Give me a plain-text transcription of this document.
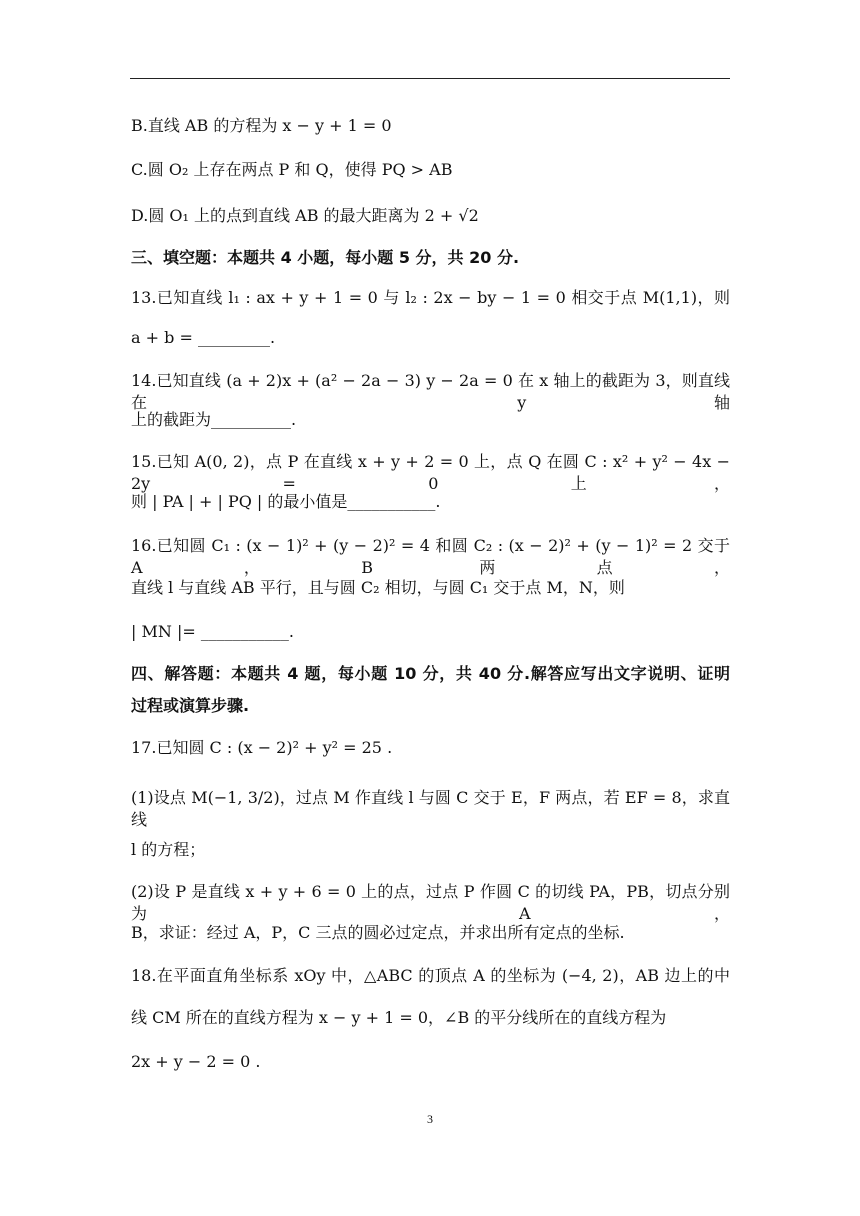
B.直线 AB 的方程为 x − y + 1 = 0
C.圆 O₂ 上存在两点 P 和 Q，使得 PQ > AB
D.圆 O₁ 上的点到直线 AB 的最大距离为 2 + √2
三、填空题：本题共 4 小题，每小题 5 分，共 20 分.
13.已知直线 l₁ : ax + y + 1 = 0 与 l₂ : 2x − by − 1 = 0 相交于点 M(1,1)，则
a + b = _________.
14.已知直线 (a + 2)x + (a² − 2a − 3) y − 2a = 0 在 x 轴上的截距为 3，则直线在 y 轴
上的截距为__________.
15.已知 A(0, 2)，点 P 在直线 x + y + 2 = 0 上，点 Q 在圆 C : x² + y² − 4x − 2y = 0 上，
则 | PA | + | PQ | 的最小值是___________.
16.已知圆 C₁ : (x − 1)² + (y − 2)² = 4 和圆 C₂ : (x − 2)² + (y − 1)² = 2 交于 A，B 两点，
直线 l 与直线 AB 平行，且与圆 C₂ 相切，与圆 C₁ 交于点 M，N，则
| MN |= ___________.
四、解答题：本题共 4 题，每小题 10 分，共 40 分.解答应写出文字说明、证明
过程或演算步骤.
17.已知圆 C : (x − 2)² + y² = 25 .
(1)设点 M(−1, 3/2)，过点 M 作直线 l 与圆 C 交于 E，F 两点，若 EF = 8，求直线
l 的方程；
(2)设 P 是直线 x + y + 6 = 0 上的点，过点 P 作圆 C 的切线 PA，PB，切点分别为 A，
B，求证：经过 A，P，C 三点的圆必过定点，并求出所有定点的坐标.
18.在平面直角坐标系 xOy 中，△ABC 的顶点 A 的坐标为 (−4, 2)，AB 边上的中
线 CM 所在的直线方程为 x − y + 1 = 0，∠B 的平分线所在的直线方程为
2x + y − 2 = 0 .
3
